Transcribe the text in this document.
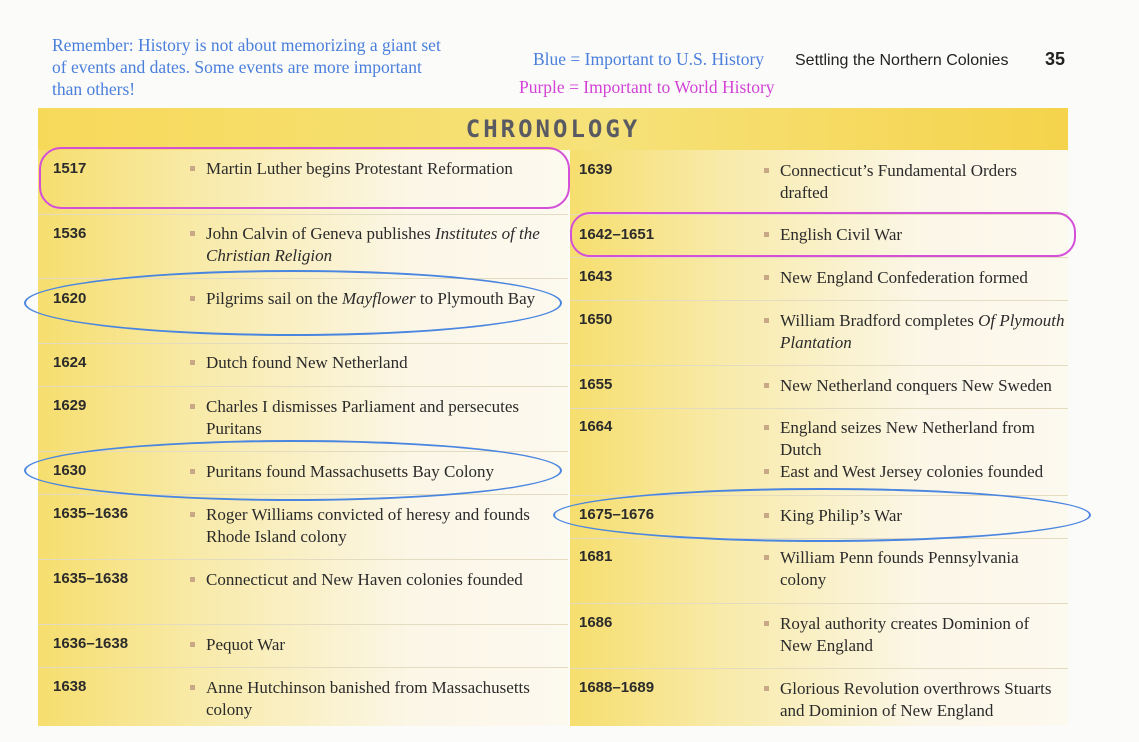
Remember: History is not about memorizing a giant set of events and dates. Some events are more important than others!
Blue = Important to U.S. History
Purple = Important to World History
Settling the Northern Colonies 35
CHRONOLOGY
1517	Martin Luther begins Protestant Reformation
1536	John Calvin of Geneva publishes Institutes of the Christian Religion
1620	Pilgrims sail on the Mayflower to Plymouth Bay
1624	Dutch found New Netherland
1629	Charles I dismisses Parliament and persecutes Puritans
1630	Puritans found Massachusetts Bay Colony
1635–1636	Roger Williams convicted of heresy and founds Rhode Island colony
1635–1638	Connecticut and New Haven colonies founded
1636–1638	Pequot War
1638	Anne Hutchinson banished from Massachusetts colony
1639	Connecticut’s Fundamental Orders drafted
1642–1651	English Civil War
1643	New England Confederation formed
1650	William Bradford completes Of Plymouth Plantation
1655	New Netherland conquers New Sweden
1664	England seizes New Netherland from Dutch
East and West Jersey colonies founded
1675–1676	King Philip’s War
1681	William Penn founds Pennsylvania colony
1686	Royal authority creates Dominion of New England
1688–1689	Glorious Revolution overthrows Stuarts and Dominion of New England
